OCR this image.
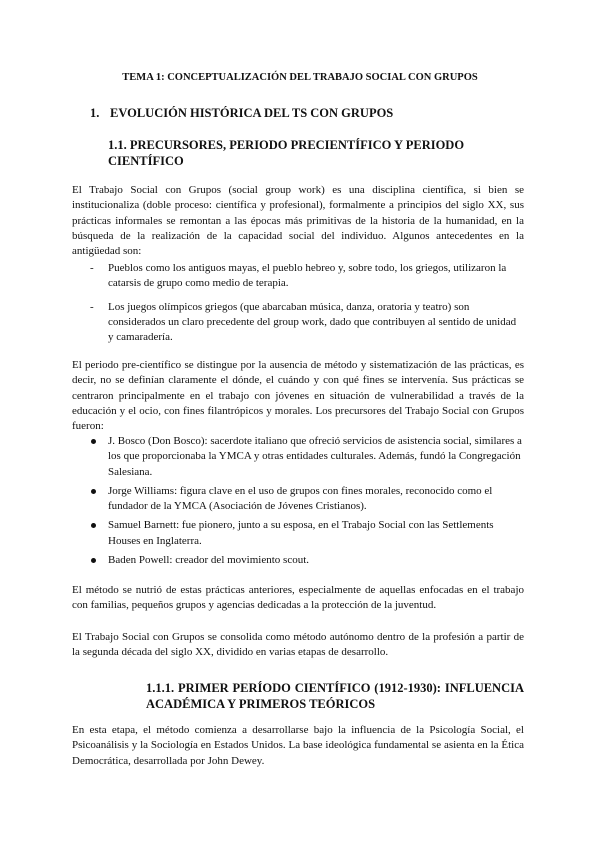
TEMA 1: CONCEPTUALIZACIÓN DEL TRABAJO SOCIAL CON GRUPOS
1. EVOLUCIÓN HISTÓRICA DEL TS CON GRUPOS
1.1. PRECURSORES, PERIODO PRECIENTÍFICO Y PERIODO CIENTÍFICO
El Trabajo Social con Grupos (social group work) es una disciplina científica, si bien se institucionaliza (doble proceso: científica y profesional), formalmente a principios del siglo XX, sus prácticas informales se remontan a las épocas más primitivas de la historia de la humanidad, en la búsqueda de la realización de la capacidad social del individuo. Algunos antecedentes en la antigüedad son:
- Pueblos como los antiguos mayas, el pueblo hebreo y, sobre todo, los griegos, utilizaron la catarsis de grupo como medio de terapia.
- Los juegos olímpicos griegos (que abarcaban música, danza, oratoria y teatro) son considerados un claro precedente del group work, dado que contribuyen al sentido de unidad y camaradería.
El periodo pre-científico se distingue por la ausencia de método y sistematización de las prácticas, es decir, no se definían claramente el dónde, el cuándo y con qué fines se intervenía. Sus prácticas se centraron principalmente en el trabajo con jóvenes en situación de vulnerabilidad a través de la educación y el ocio, con fines filantrópicos y morales. Los precursores del Trabajo Social con Grupos fueron:
J. Bosco (Don Bosco): sacerdote italiano que ofreció servicios de asistencia social, similares a los que proporcionaba la YMCA y otras entidades culturales. Además, fundó la Congregación Salesiana.
Jorge Williams: figura clave en el uso de grupos con fines morales, reconocido como el fundador de la YMCA (Asociación de Jóvenes Cristianos).
Samuel Barnett: fue pionero, junto a su esposa, en el Trabajo Social con las Settlements Houses en Inglaterra.
Baden Powell: creador del movimiento scout.
El método se nutrió de estas prácticas anteriores, especialmente de aquellas enfocadas en el trabajo con familias, pequeños grupos y agencias dedicadas a la protección de la juventud.
El Trabajo Social con Grupos se consolida como método autónomo dentro de la profesión a partir de la segunda década del siglo XX, dividido en varias etapas de desarrollo.
1.1.1. PRIMER PERÍODO CIENTÍFICO (1912-1930): INFLUENCIA ACADÉMICA Y PRIMEROS TEÓRICOS
En esta etapa, el método comienza a desarrollarse bajo la influencia de la Psicología Social, el Psicoanálisis y la Sociología en Estados Unidos. La base ideológica fundamental se asienta en la Ética Democrática, desarrollada por John Dewey.
